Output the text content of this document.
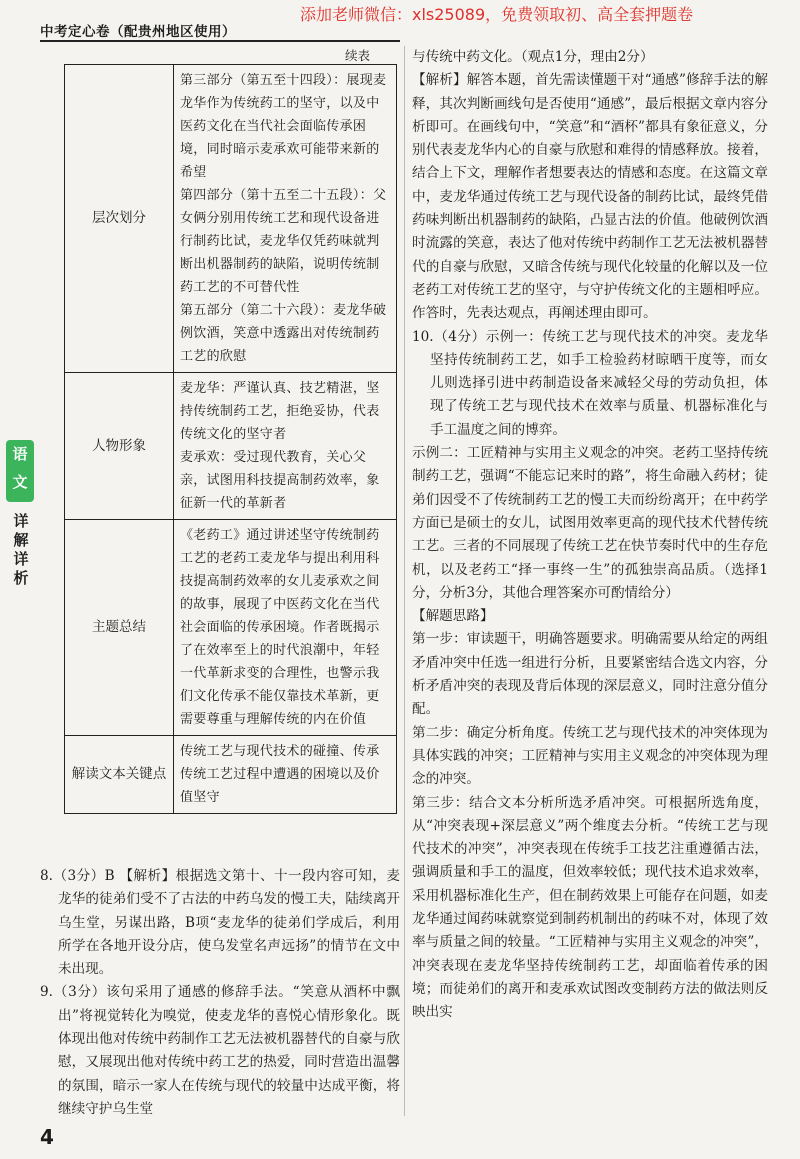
添加老师微信：xls25089，免费领取初、高全套押题卷
中考定心卷（配贵州地区使用）
续表
层次划分	第三部分（第五至十四段）：展现麦龙华作为传统药工的坚守，以及中医药文化在当代社会面临传承困境，同时暗示麦承欢可能带来新的希望

第四部分（第十五至二十五段）：父女俩分别用传统工艺和现代设备进行制药比试，麦龙华仅凭药味就判断出机器制药的缺陷，说明传统制药工艺的不可替代性

第五部分（第二十六段）：麦龙华破例饮酒，笑意中透露出对传统制药工艺的欣慰

人物形象	麦龙华：严谨认真、技艺精湛，坚持传统制药工艺，拒绝妥协，代表传统文化的坚守者

麦承欢：受过现代教育，关心父亲，试图用科技提高制药效率，象征新一代的革新者

主题总结	《老药工》通过讲述坚守传统制药工艺的老药工麦龙华与提出利用科技提高制药效率的女儿麦承欢之间的故事，展现了中医药文化在当代社会面临的传承困境。作者既揭示了在效率至上的时代浪潮中，年轻一代革新求变的合理性，也警示我们文化传承不能仅靠技术革新，更需要尊重与理解传统的内在价值

解读文本关键点	传统工艺与现代技术的碰撞、传承传统工艺过程中遭遇的困境以及价值坚守

语文
详解详析

8.（3分）B 【解析】根据选文第十、十一段内容可知，麦龙华的徒弟们受不了古法的中药乌发的慢工夫，陆续离开乌生堂，另谋出路，B项“麦龙华的徒弟们学成后，利用所学在各地开设分店，使乌发堂名声远扬”的情节在文中未出现。

9.（3分）该句采用了通感的修辞手法。“笑意从酒杯中飘出”将视觉转化为嗅觉，使麦龙华的喜悦心情形象化。既体现出他对传统中药制作工艺无法被机器替代的自豪与欣慰，又展现出他对传统中药工艺的热爱，同时营造出温馨的氛围，暗示一家人在传统与现代的较量中达成平衡，将继续守护乌生堂

与传统中药文化。（观点1分，理由2分）

【解析】解答本题，首先需读懂题干对“通感”修辞手法的解释，其次判断画线句是否使用“通感”，最后根据文章内容分析即可。在画线句中，“笑意”和“酒杯”都具有象征意义，分别代表麦龙华内心的自豪与欣慰和难得的情感释放。接着，结合上下文，理解作者想要表达的情感和态度。在这篇文章中，麦龙华通过传统工艺与现代设备的制药比试，最终凭借药味判断出机器制药的缺陷，凸显古法的价值。他破例饮酒时流露的笑意，表达了他对传统中药制作工艺无法被机器替代的自豪与欣慰，又暗含传统与现代化较量的化解以及一位老药工对传统工艺的坚守，与守护传统文化的主题相呼应。作答时，先表达观点，再阐述理由即可。

10.（4分）示例一：传统工艺与现代技术的冲突。麦龙华坚持传统制药工艺，如手工检验药材晾晒干度等，而女儿则选择引进中药制造设备来减轻父母的劳动负担，体现了传统工艺与现代技术在效率与质量、机器标准化与手工温度之间的博弈。

示例二：工匠精神与实用主义观念的冲突。老药工坚持传统制药工艺，强调“不能忘记来时的路”，将生命融入药材；徒弟们因受不了传统制药工艺的慢工夫而纷纷离开；在中药学方面已是硕士的女儿，试图用效率更高的现代技术代替传统工艺。三者的不同展现了传统工艺在快节奏时代中的生存危机，以及老药工“择一事终一生”的孤独崇高品质。（选择1分，分析3分，其他合理答案亦可酌情给分）

【解题思路】

第一步：审读题干，明确答题要求。明确需要从给定的两组矛盾冲突中任选一组进行分析，且要紧密结合选文内容，分析矛盾冲突的表现及背后体现的深层意义，同时注意分值分配。

第二步：确定分析角度。传统工艺与现代技术的冲突体现为具体实践的冲突；工匠精神与实用主义观念的冲突体现为理念的冲突。

第三步：结合文本分析所选矛盾冲突。可根据所选角度，从“冲突表现+深层意义”两个维度去分析。“传统工艺与现代技术的冲突”，冲突表现在传统手工技艺注重遵循古法，强调质量和手工的温度，但效率较低；现代技术追求效率，采用机器标准化生产，但在制药效果上可能存在问题，如麦龙华通过闻药味就察觉到制药机制出的药味不对，体现了效率与质量之间的较量。“工匠精神与实用主义观念的冲突”，冲突表现在麦龙华坚持传统制药工艺，却面临着传承的困境；而徒弟们的离开和麦承欢试图改变制药方法的做法则反映出实

4
